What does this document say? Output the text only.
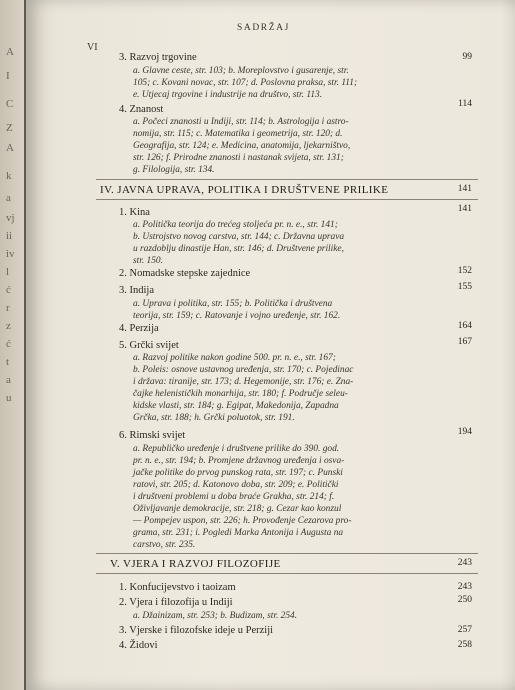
A
I
C
Z
A
k
a
vj
ii
iv
l
ć
r
z
ć
t
a
u
SADRŽAJ
VI
3. Razvoj trgovine	99
a. Glavne ceste, str. 103; b. Moreplovstvo i gusarenje, str.
105; c. Kovani novac, str. 107; d. Poslovna praksa, str. 111;
e. Utjecaj trgovine i industrije na društvo, str. 113.
4. Znanost	114
a. Počeci znanosti u Indiji, str. 114; b. Astrologija i astro-
nomija, str. 115; c. Matematika i geometrija, str. 120; d.
Geografija, str. 124; e. Medicina, anatomija, ljekarništvo,
str. 126; f. Prirodne znanosti i nastanak svijeta, str. 131;
g. Filologija, str. 134.
IV. JAVNA UPRAVA, POLITIKA I DRUŠTVENE PRILIKE	141
1. Kina	141
a. Politička teorija do trećeg stoljeća pr. n. e., str. 141;
b. Ustrojstvo novog carstva, str. 144; c. Državna uprava
u razdoblju dinastije Han, str. 146; d. Društvene prilike,
str. 150.
2. Nomadske stepske zajednice	152
3. Indija	155
a. Uprava i politika, str. 155; b. Politička i društvena
teorija, str. 159; c. Ratovanje i vojno uređenje, str. 162.
4. Perzija	164
5. Grčki svijet	167
a. Razvoj politike nakon godine 500. pr. n. e., str. 167;
b. Poleis: osnove ustavnog uređenja, str. 170; c. Pojedinac
i država: tiranije, str. 173; d. Hegemonije, str. 176; e. Zna-
čajke helenističkih monarhija, str. 180; f. Područje seleu-
kidske vlasti, str. 184; g. Egipat, Makedonija, Zapadna
Grčka, str. 188; h. Grčki poluotok, str. 191.
6. Rimski svijet	194
a. Republičko uređenje i društvene prilike do 390. god.
pr. n. e., str. 194; b. Promjene državnog uređenja i osva-
jačke politike do prvog punskog rata, str. 197; c. Punski
ratovi, str. 205; d. Katonovo doba, str. 209; e. Politički
i društveni problemi u doba braće Grakha, str. 214; f.
Oživljavanje demokracije, str. 218; g. Cezar kao konzul
— Pompejev uspon, str. 226; h. Provođenje Cezarova pro-
grama, str. 231; i. Pogledi Marka Antonija i Augusta na
carstvo, str. 235.
V. VJERA I RAZVOJ FILOZOFIJE	243
1. Konfucijevstvo i taoizam	243
2. Vjera i filozofija u Indiji	250
a. Džainizam, str. 253; b. Budizam, str. 254.
3. Vjerske i filozofske ideje u Perziji	257
4. Židovi	258
